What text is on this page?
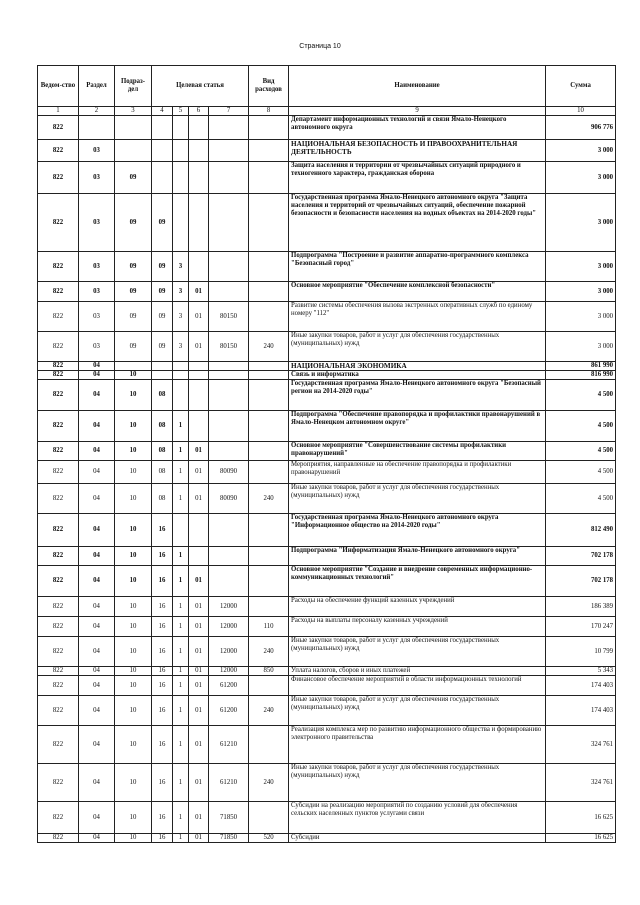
Страница 10
Ведом-ство	Раздел	Подраз-дел	Целевая статья				Вид расходов	Наименование	Сумма
1	2	3	4	5	6	7	8	9	10
822								Департамент информационных технологий и связи Ямало-Ненецкого автономного округа	906 776
822	03							НАЦИОНАЛЬНАЯ БЕЗОПАСНОСТЬ И ПРАВООХРАНИТЕЛЬНАЯ ДЕЯТЕЛЬНОСТЬ	3 000
822	03	09						Защита населения и территории от чрезвычайных ситуаций природного и техногенного характера, гражданская оборона	3 000
822	03	09	09					Государственная программа Ямало-Ненецкого автономного округа "Защита населения и территорий от чрезвычайных ситуаций, обеспечение пожарной безопасности и безопасности населения на водных объектах на 2014-2020 годы"	3 000
822	03	09	09	3				Подпрограмма "Построение и развитие аппаратно-программного комплекса "Безопасный город"	3 000
822	03	09	09	3	01			Основное мероприятие "Обеспечение комплексной безопасности"	3 000
822	03	09	09	3	01	80150		Развитие системы обеспечения вызова экстренных оперативных служб по единому номеру "112"	3 000
822	03	09	09	3	01	80150	240	Иные закупки товаров, работ и услуг для обеспечения государственных (муниципальных) нужд	3 000
822	04							НАЦИОНАЛЬНАЯ ЭКОНОМИКА	861 990
822	04	10						Связь и информатика	816 990
822	04	10	08					Государственная программа Ямало-Ненецкого автономного округа "Безопасный регион на 2014-2020 годы"	4 500
822	04	10	08	1				Подпрограмма "Обеспечение правопорядка и профилактики правонарушений в Ямало-Ненецком автономном округе"	4 500
822	04	10	08	1	01			Основное мероприятие "Совершенствование системы профилактики правонарушений"	4 500
822	04	10	08	1	01	80090		Мероприятия, направленные на обеспечение правопорядка и профилактики правонарушений	4 500
822	04	10	08	1	01	80090	240	Иные закупки товаров, работ и услуг для обеспечения государственных (муниципальных) нужд	4 500
822	04	10	16					Государственная программа Ямало-Ненецкого автономного округа "Информационное общество на 2014-2020 годы"	812 490
822	04	10	16	1				Подпрограмма "Информатизация Ямало-Ненецкого автономного округа"	702 178
822	04	10	16	1	01			Основное мероприятие "Создание и внедрение современных информационно-коммуникационных технологий"	702 178
822	04	10	16	1	01	12000		Расходы на обеспечение функций казенных учреждений	186 389
822	04	10	16	1	01	12000	110	Расходы на выплаты персоналу казенных учреждений	170 247
822	04	10	16	1	01	12000	240	Иные закупки товаров, работ и услуг для обеспечения государственных (муниципальных) нужд	10 799
822	04	10	16	1	01	12000	850	Уплата налогов, сборов и иных платежей	5 343
822	04	10	16	1	01	61200		Финансовое обеспечение мероприятий в области информационных технологий	174 403
822	04	10	16	1	01	61200	240	Иные закупки товаров, работ и услуг для обеспечения государственных (муниципальных) нужд	174 403
822	04	10	16	1	01	61210		Реализация комплекса мер по развитию информационного общества и формированию электронного правительства	324 761
822	04	10	16	1	01	61210	240	Иные закупки товаров, работ и услуг для обеспечения государственных (муниципальных) нужд	324 761
822	04	10	16	1	01	71850		Субсидии на реализацию мероприятий по созданию условий для обеспечения сельских населенных пунктов услугами связи	16 625
822	04	10	16	1	01	71850	520	Субсидии	16 625
